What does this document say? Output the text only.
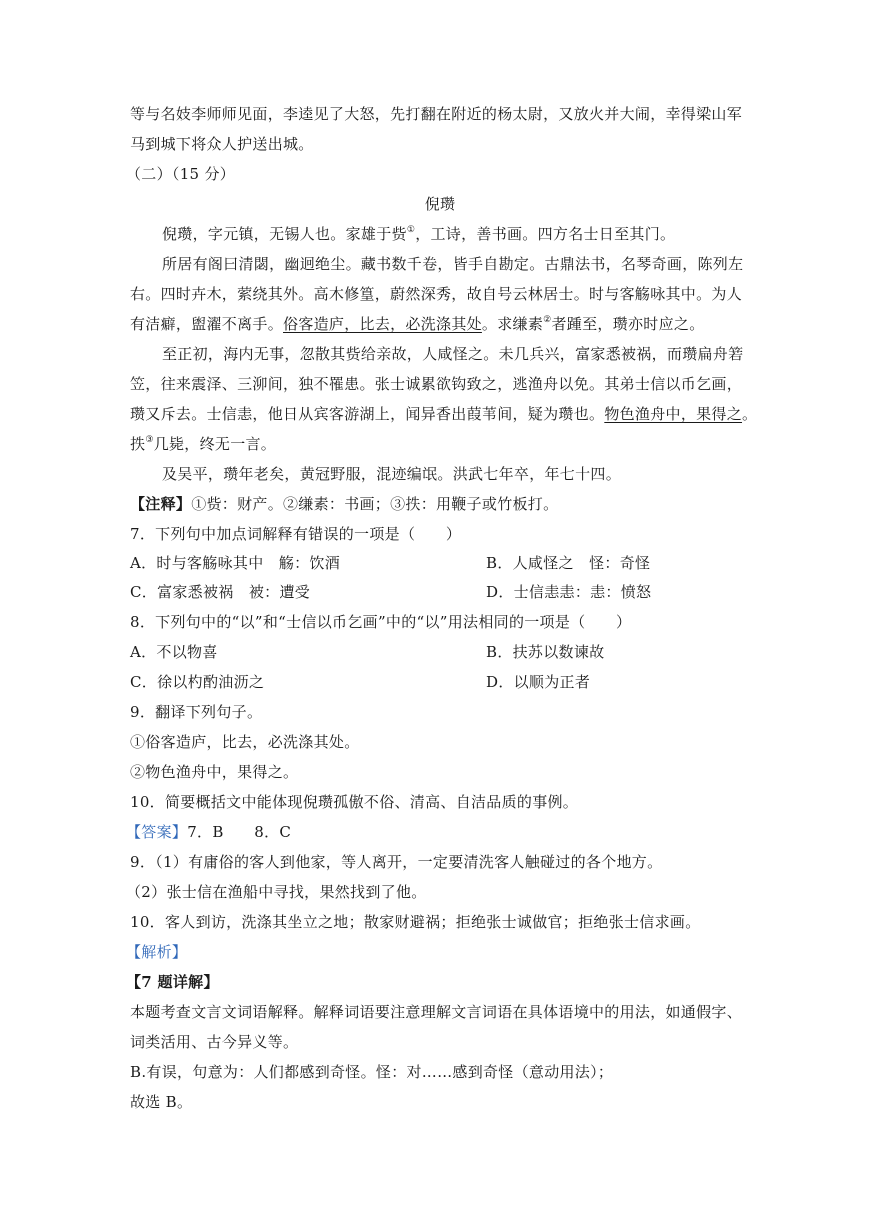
等与名妓李师师见面，李逵见了大怒，先打翻在附近的杨太尉，又放火并大闹，幸得梁山军
马到城下将众人护送出城。
（二）（15 分）
倪瓒
倪瓒，字元镇，无锡人也。家雄于赀①，工诗，善书画。四方名士日至其门。
所居有阁曰清閟，幽迥绝尘。藏书数千卷，皆手自勘定。古鼎法书，名琴奇画，陈列左
右。四时卉木，萦绕其外。高木修篁，蔚然深秀，故自号云林居士。时与客觞咏其中。为人
有洁癖，盥濯不离手。俗客造庐，比去，必洗涤其处。求缣素②者踵至，瓒亦时应之。
至正初，海内无事，忽散其赀给亲故，人咸怪之。未几兵兴，富家悉被祸，而瓒扁舟箬
笠，往来震泽、三泖间，独不罹患。张士诚累欲钩致之，逃渔舟以免。其弟士信以币乞画，
瓒又斥去。士信恚，他日从宾客游湖上，闻异香出葭苇间，疑为瓒也。物色渔舟中，果得之。
抶③几毙，终无一言。
及吴平，瓒年老矣，黄冠野服，混迹编氓。洪武七年卒，年七十四。
【注释】①赀：财产。②缣素：书画；③抶：用鞭子或竹板打。
7．下列句中加点词解释有错误的一项是（　　）
A．时与客觞咏其中　觞：饮酒	B．人咸怪之　怪：奇怪
C．富家悉被祸　被：遭受	D．士信恚恚：恚：愤怒
8．下列句中的“以”和“士信以币乞画”中的“以”用法相同的一项是（　　）
A．不以物喜	B．扶苏以数谏故
C．徐以杓酌油沥之	D．以顺为正者
9．翻译下列句子。
①俗客造庐，比去，必洗涤其处。
②物色渔舟中，果得之。
10．简要概括文中能体现倪瓒孤傲不俗、清高、自洁品质的事例。
【答案】7．B　　8．C
9．（1）有庸俗的客人到他家，等人离开，一定要清洗客人触碰过的各个地方。
（2）张士信在渔船中寻找，果然找到了他。
10．客人到访，洗涤其坐立之地；散家财避祸；拒绝张士诚做官；拒绝张士信求画。
【解析】
【7 题详解】
本题考查文言文词语解释。解释词语要注意理解文言词语在具体语境中的用法，如通假字、
词类活用、古今异义等。
B.有误，句意为：人们都感到奇怪。怪：对……感到奇怪（意动用法）；
故选 B。
